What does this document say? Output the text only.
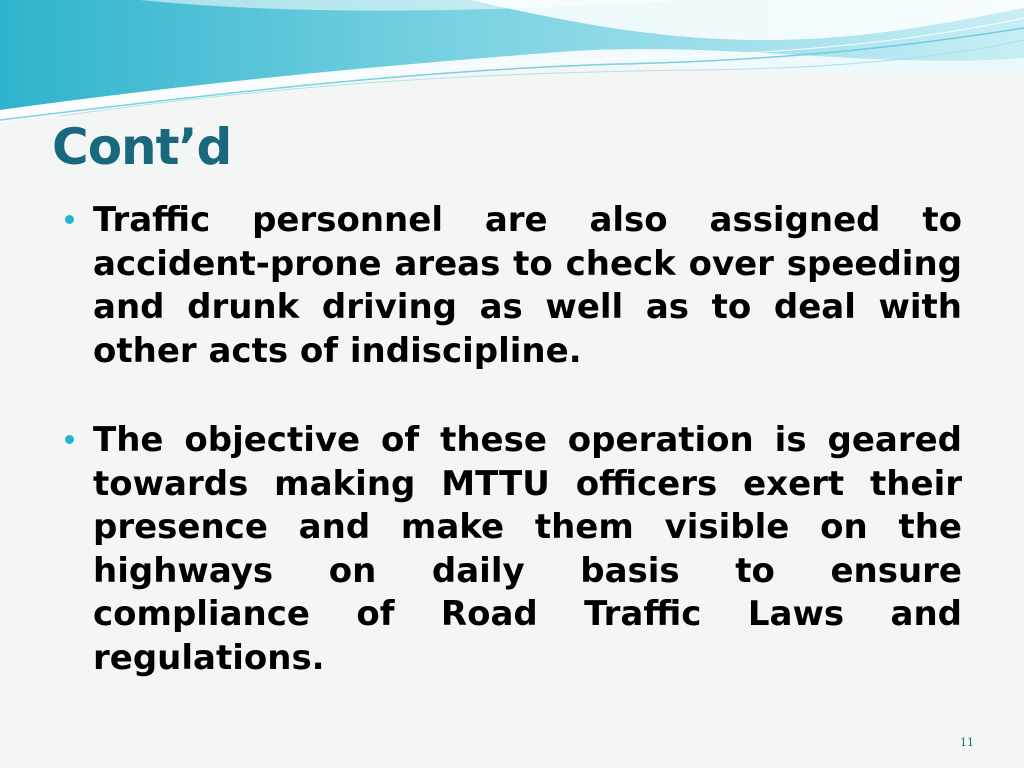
Cont’d
Traffic personnel are also assigned to accident-prone areas to check over speeding and drunk driving as well as to deal with other acts of indiscipline.
The objective of these operation is geared towards making MTTU officers exert their presence and make them visible on the highways on daily basis to ensure compliance of Road Traffic Laws and regulations.
11
